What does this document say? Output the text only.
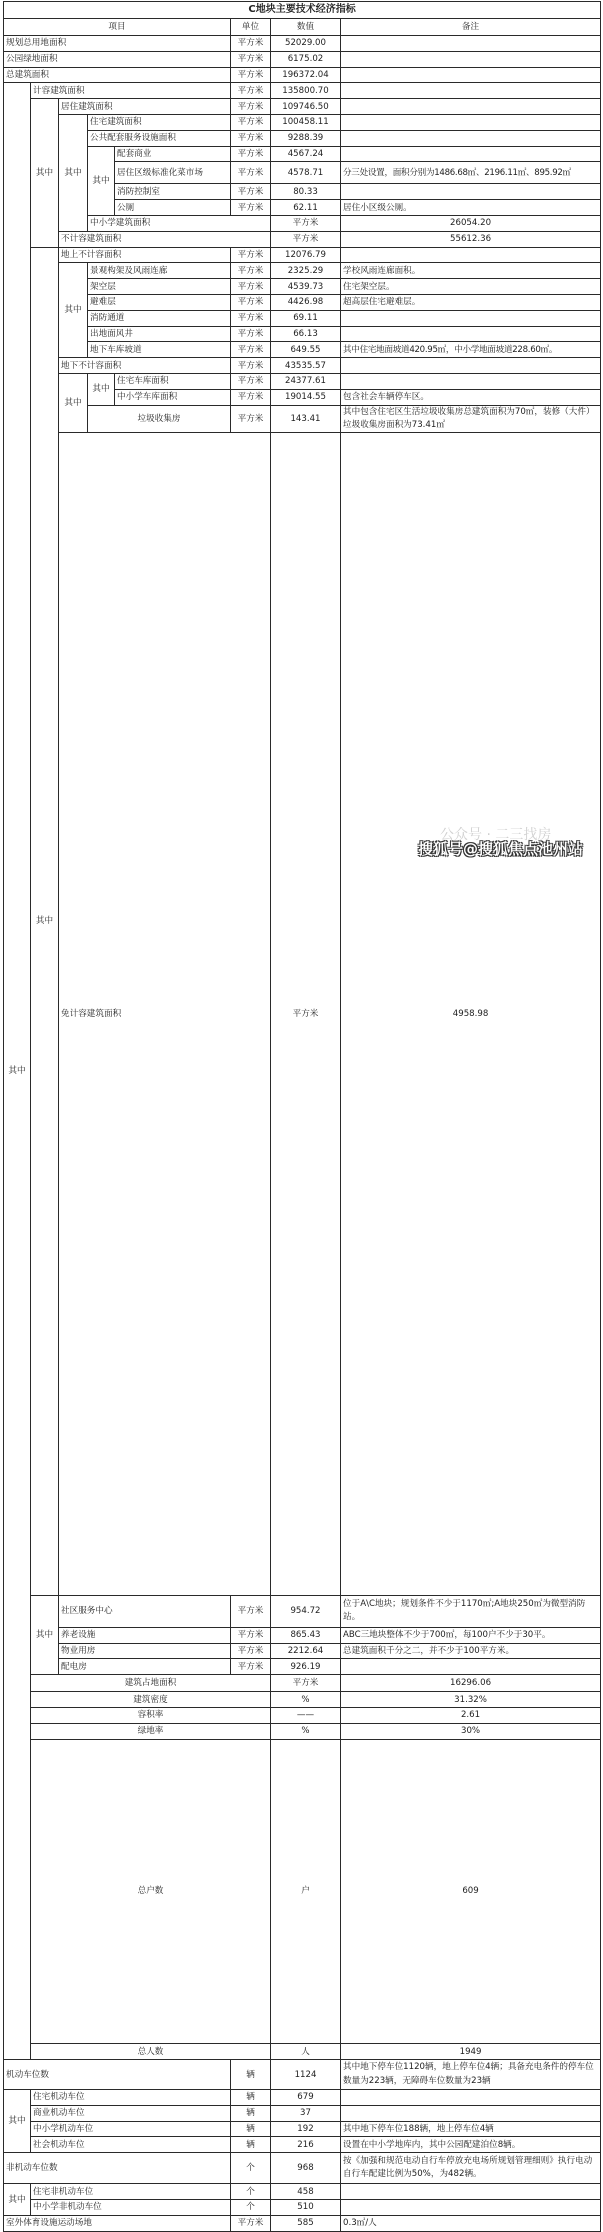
C地块主要技术经济指标
项目	单位	数值	备注
规划总用地面积	平方米	52029.00	
公园绿地面积	平方米	6175.02	
总建筑面积	平方米	196372.04	
其中	计容建筑面积	平方米	135800.70	
其中	居住建筑面积	平方米	109746.50	
其中	住宅建筑面积	平方米	100458.11	
公共配套服务设施面积	平方米	9288.39	
其中	配套商业	平方米	4567.24	
居住区级标准化菜市场	平方米	4578.71	分三处设置，面积分别为1486.68㎡、2196.11㎡、895.92㎡
消防控制室	平方米	80.33	
公厕	平方米	62.11	居住小区级公厕。
中小学建筑面积	平方米	26054.20	
不计容建筑面积	平方米	55612.36	
其中	地上不计容面积	平方米	12076.79	
其中	景观构架及风雨连廊	平方米	2325.29	学校风雨连廊面积。
架空层	平方米	4539.73	住宅架空层。
避难层	平方米	4426.98	超高层住宅避难层。
消防通道	平方米	69.11	
出地面风井	平方米	66.13	
地下车库坡道	平方米	649.55	其中住宅地面坡道420.95㎡，中小学地面坡道228.60㎡。
地下不计容面积	平方米	43535.57	
其中	其中	住宅车库面积	平方米	24377.61	
中小学车库面积	平方米	19014.55	包含社会车辆停车区。
垃圾收集房	平方米	143.41	其中包含住宅区生活垃圾收集房总建筑面积为70㎡，装修（大件）垃圾收集房面积为73.41㎡
免计容建筑面积	平方米	4958.98	
其中	社区服务中心	平方米	954.72	位于A\C地块；规划条件不少于1170㎡;A地块250㎡为微型消防站。
养老设施	平方米	865.43	ABC三地块整体不少于700㎡，每100户不少于30平。
物业用房	平方米	2212.64	总建筑面积千分之二，并不少于100平方米。
配电房	平方米	926.19	
建筑占地面积	平方米	16296.06	
建筑密度	%	31.32%	
容积率	——	2.61	
绿地率	%	30%	
总户数	户	609	
总人数	人	1949	
机动车位数	辆	1124	其中地下停车位1120辆，地上停车位4辆；具备充电条件的停车位数量为223辆，无障碍车位数量为23辆
其中	住宅机动车位	辆	679	
商业机动车位	辆	37	
中小学机动车位	辆	192	其中地下停车位188辆，地上停车位4辆
社会机动车位	辆	216	设置在中小学地库内，其中公园配建泊位8辆。
非机动车位数	个	968	按《加强和规范电动自行车停放充电场所规划管理细则》执行电动自行车配建比例为50%，为482辆。
其中	住宅非机动车位	个	458	
中小学非机动车位	个	510	
室外体育设施运动场地	平方米	585	0.3㎡/人
公众号 · 二三找房
搜狐号@搜狐焦点池州站
